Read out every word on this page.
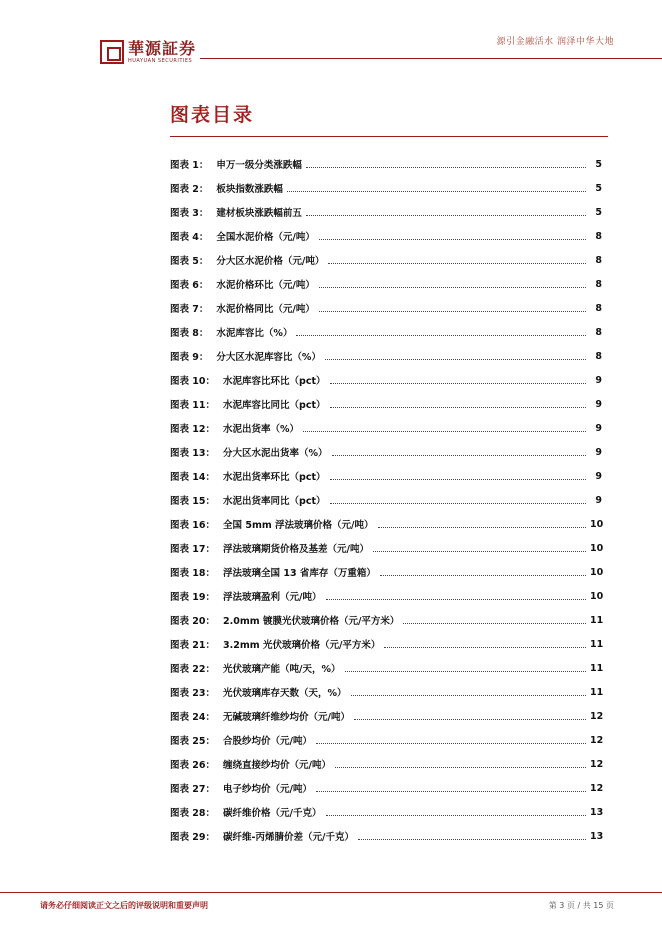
華源証券
HUAYUAN SECURITIES
源引金融活水 润泽中华大地
图表目录
图表 1： 申万一级分类涨跌幅	5
图表 2： 板块指数涨跌幅	5
图表 3： 建材板块涨跌幅前五	5
图表 4： 全国水泥价格（元/吨）	8
图表 5： 分大区水泥价格（元/吨）	8
图表 6： 水泥价格环比（元/吨）	8
图表 7： 水泥价格同比（元/吨）	8
图表 8： 水泥库容比（%）	8
图表 9： 分大区水泥库容比（%）	8
图表 10： 水泥库容比环比（pct）	9
图表 11： 水泥库容比同比（pct）	9
图表 12： 水泥出货率（%）	9
图表 13： 分大区水泥出货率（%）	9
图表 14： 水泥出货率环比（pct）	9
图表 15： 水泥出货率同比（pct）	9
图表 16： 全国 5mm 浮法玻璃价格（元/吨）	10
图表 17： 浮法玻璃期货价格及基差（元/吨）	10
图表 18： 浮法玻璃全国 13 省库存（万重箱）	10
图表 19： 浮法玻璃盈利（元/吨）	10
图表 20： 2.0mm 镀膜光伏玻璃价格（元/平方米）	11
图表 21： 3.2mm 光伏玻璃价格（元/平方米）	11
图表 22： 光伏玻璃产能（吨/天，%）	11
图表 23： 光伏玻璃库存天数（天，%）	11
图表 24： 无碱玻璃纤维纱均价（元/吨）	12
图表 25： 合股纱均价（元/吨）	12
图表 26： 缠绕直接纱均价（元/吨）	12
图表 27： 电子纱均价（元/吨）	12
图表 28： 碳纤维价格（元/千克）	13
图表 29： 碳纤维-丙烯腈价差（元/千克）	13
请务必仔细阅读正文之后的评级说明和重要声明	第 3 页 / 共 15 页
